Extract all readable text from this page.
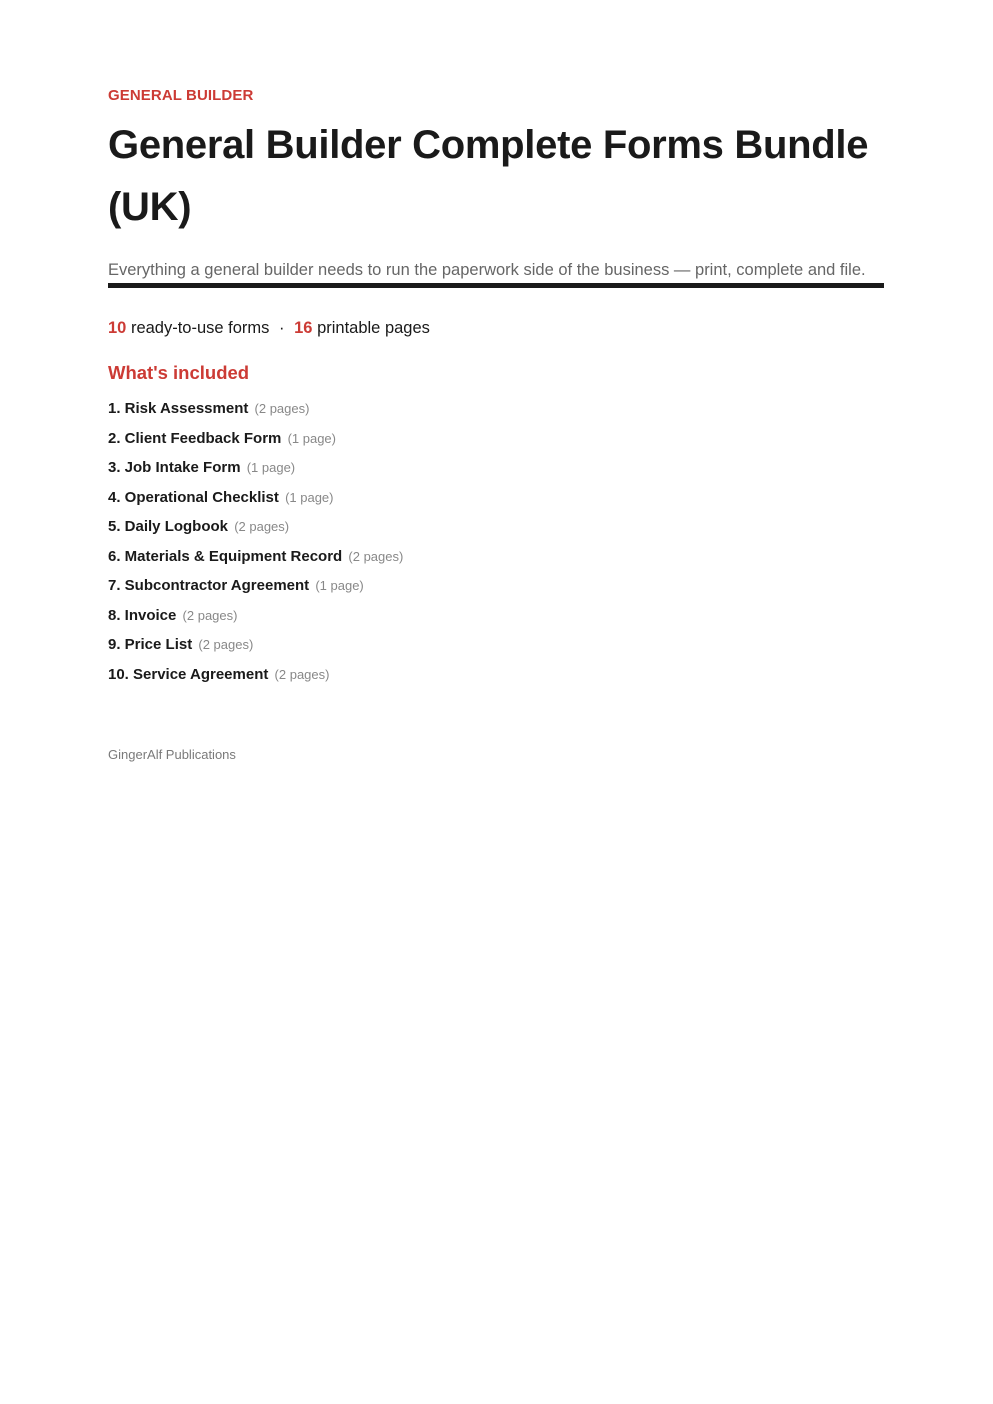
GENERAL BUILDER

General Builder Complete Forms Bundle (UK)

Everything a general builder needs to run the paperwork side of the business — print, complete and file.

10 ready-to-use forms · 16 printable pages
What's included
1. Risk Assessment (2 pages)
2. Client Feedback Form (1 page)
3. Job Intake Form (1 page)
4. Operational Checklist (1 page)
5. Daily Logbook (2 pages)
6. Materials & Equipment Record (2 pages)
7. Subcontractor Agreement (1 page)
8. Invoice (2 pages)
9. Price List (2 pages)
10. Service Agreement (2 pages)
GingerAlf Publications
